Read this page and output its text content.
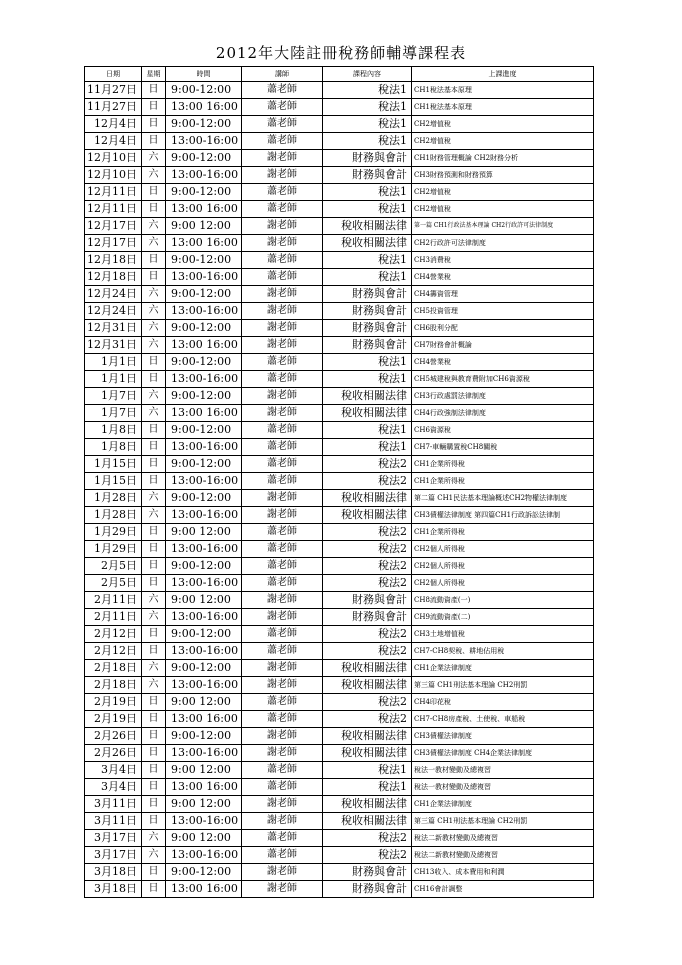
2012年大陸註冊稅務師輔導課程表
日期	星期	時間	講師	課程內容	上課進度
11月27日	日	9:00-12:00	蕭老師	稅法1	CH1稅法基本原理
11月27日	日	13:00 16:00	蕭老師	稅法1	CH1稅法基本原理
12月4日	日	9:00-12:00	蕭老師	稅法1	CH2增值稅
12月4日	日	13:00-16:00	蕭老師	稅法1	CH2增值稅
12月10日	六	9:00-12:00	謝老師	財務與會計	CH1財務管理概論 CH2財務分析
12月10日	六	13:00-16:00	謝老師	財務與會計	CH3財務預測和財務預算
12月11日	日	9:00-12:00	蕭老師	稅法1	CH2增值稅
12月11日	日	13:00 16:00	蕭老師	稅法1	CH2增值稅
12月17日	六	9:00 12:00	謝老師	稅收相關法律	第一篇 CH1行政法基本理論 CH2行政許可法律制度
12月17日	六	13:00 16:00	謝老師	稅收相關法律	CH2行政許可法律制度
12月18日	日	9:00-12:00	蕭老師	稅法1	CH3消費稅
12月18日	日	13:00-16:00	蕭老師	稅法1	CH4營業稅
12月24日	六	9:00-12:00	謝老師	財務與會計	CH4籌資管理
12月24日	六	13:00-16:00	謝老師	財務與會計	CH5投資管理
12月31日	六	9:00-12:00	謝老師	財務與會計	CH6股利分配
12月31日	六	13:00 16:00	謝老師	財務與會計	CH7財務會計概論
1月1日	日	9:00-12:00	蕭老師	稅法1	CH4營業稅
1月1日	日	13:00-16:00	蕭老師	稅法1	CH5城建稅與教育費附加CH6資源稅
1月7日	六	9:00-12:00	謝老師	稅收相關法律	CH3行政處罰法律制度
1月7日	六	13:00 16:00	謝老師	稅收相關法律	CH4行政強制法律制度
1月8日	日	9:00-12:00	蕭老師	稅法1	CH6資源稅
1月8日	日	13:00-16:00	蕭老師	稅法1	CH7-車輛購置稅CH8關稅
1月15日	日	9:00-12:00	蕭老師	稅法2	CH1企業所得稅
1月15日	日	13:00-16:00	蕭老師	稅法2	CH1企業所得稅
1月28日	六	9:00-12:00	謝老師	稅收相關法律	第二篇 CH1民法基本理論概述CH2物權法律制度
1月28日	六	13:00-16:00	謝老師	稅收相關法律	CH3債權法律制度 第四篇CH1行政訴訟法律制
1月29日	日	9:00 12:00	蕭老師	稅法2	CH1企業所得稅
1月29日	日	13:00-16:00	蕭老師	稅法2	CH2個人所得稅
2月5日	日	9:00-12:00	蕭老師	稅法2	CH2個人所得稅
2月5日	日	13:00-16:00	蕭老師	稅法2	CH2個人所得稅
2月11日	六	9:00 12:00	謝老師	財務與會計	CH8流動資產(一)
2月11日	六	13:00-16:00	謝老師	財務與會計	CH9流動資產(二)
2月12日	日	9:00-12:00	蕭老師	稅法2	CH3土地增值稅
2月12日	日	13:00-16:00	蕭老師	稅法2	CH7-CH8契稅、耕地佔用稅
2月18日	六	9:00-12:00	謝老師	稅收相關法律	CH1企業法律制度
2月18日	六	13:00-16:00	謝老師	稅收相關法律	第三篇 CH1刑法基本理論 CH2刑罰
2月19日	日	9:00 12:00	蕭老師	稅法2	CH4印花稅
2月19日	日	13:00 16:00	蕭老師	稅法2	CH7-CH8房產稅、土使稅、車船稅
2月26日	日	9:00-12:00	謝老師	稅收相關法律	CH3債權法律制度
2月26日	日	13:00-16:00	謝老師	稅收相關法律	CH3債權法律制度 CH4企業法律制度
3月4日	日	9:00 12:00	蕭老師	稅法1	稅法一教材變動及總複習
3月4日	日	13:00 16:00	蕭老師	稅法1	稅法一教材變動及總複習
3月11日	日	9:00 12:00	謝老師	稅收相關法律	CH1企業法律制度
3月11日	日	13:00-16:00	謝老師	稅收相關法律	第三篇 CH1刑法基本理論 CH2刑罰
3月17日	六	9:00 12:00	蕭老師	稅法2	稅法二新教材變動及總複習
3月17日	六	13:00-16:00	蕭老師	稅法2	稅法二新教材變動及總複習
3月18日	日	9:00-12:00	謝老師	財務與會計	CH13收入、成本費用和利潤
3月18日	日	13:00 16:00	謝老師	財務與會計	CH16會計調整
